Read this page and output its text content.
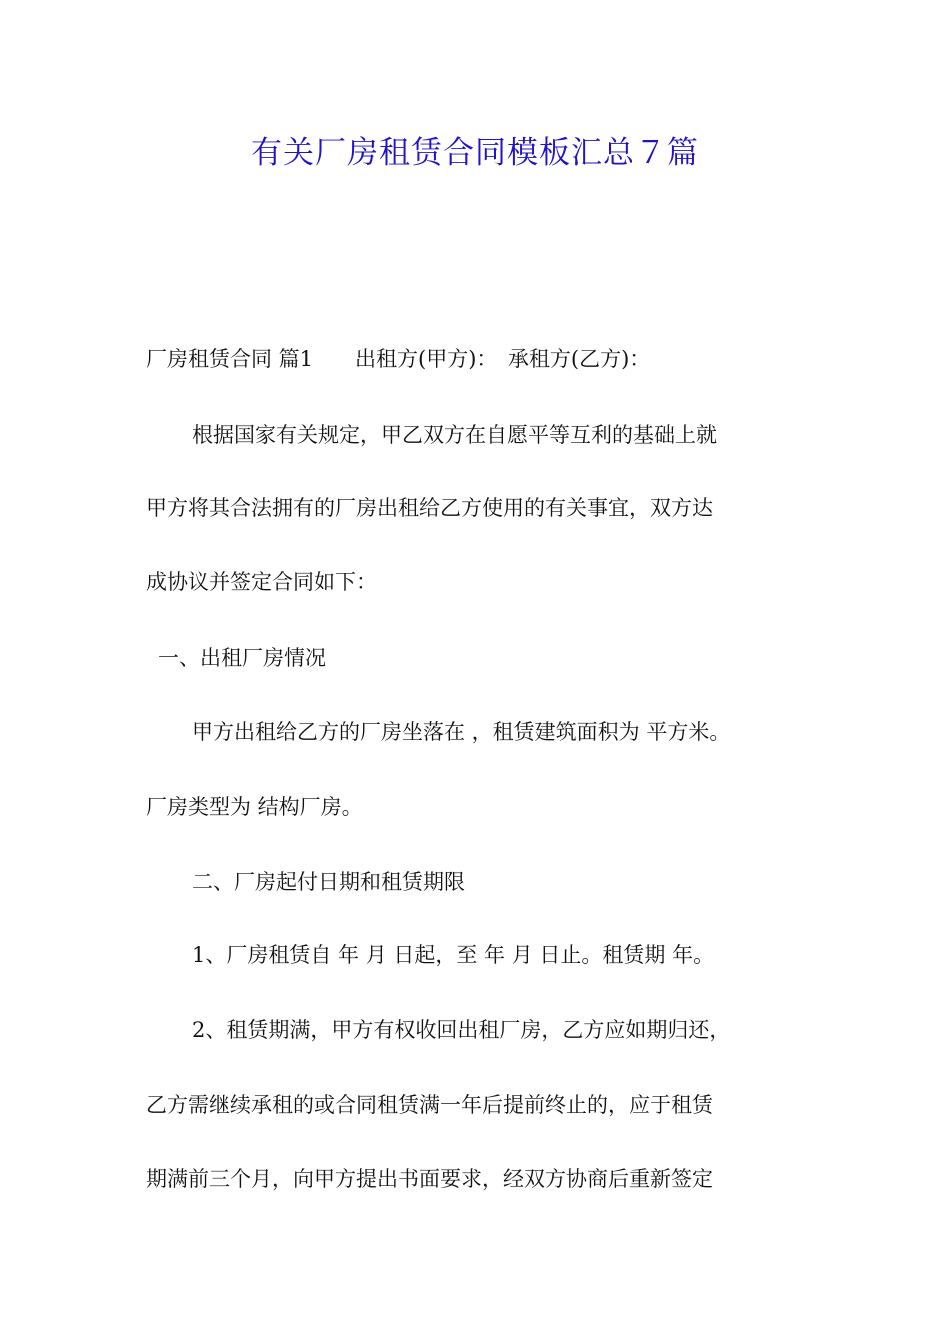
有关厂房租赁合同模板汇总７篇
厂房租赁合同 篇1　　出租方(甲方)：　承租方(乙方)：
根据国家有关规定，甲乙双方在自愿平等互利的基础上就
甲方将其合法拥有的厂房出租给乙方使用的有关事宜，双方达
成协议并签定合同如下：
一、出租厂房情况
甲方出租给乙方的厂房坐落在 ，租赁建筑面积为 平方米。
厂房类型为 结构厂房。
二、厂房起付日期和租赁期限
1、厂房租赁自 年 月 日起，至 年 月 日止。租赁期 年。
2、租赁期满，甲方有权收回出租厂房，乙方应如期归还，
乙方需继续承租的或合同租赁满一年后提前终止的，应于租赁
期满前三个月，向甲方提出书面要求，经双方协商后重新签定
